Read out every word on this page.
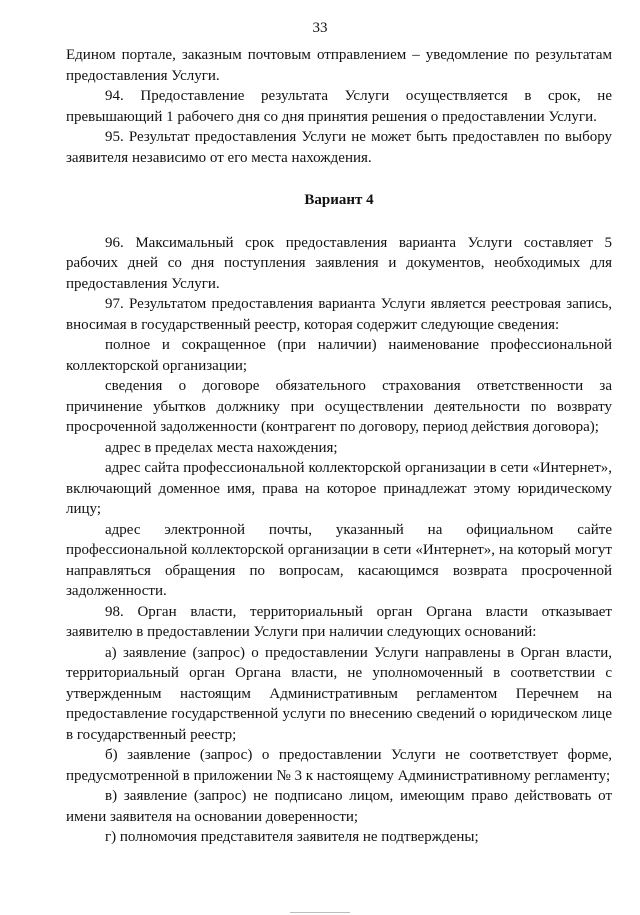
33

Едином портале, заказным почтовым отправлением – уведомление по результатам предоставления Услуги.

94. Предоставление результата Услуги осуществляется в срок, не превышающий 1 рабочего дня со дня принятия решения о предоставлении Услуги.

95. Результат предоставления Услуги не может быть предоставлен по выбору заявителя независимо от его места нахождения.

Вариант 4

96. Максимальный срок предоставления варианта Услуги составляет 5 рабочих дней со дня поступления заявления и документов, необходимых для предоставления Услуги.

97. Результатом предоставления варианта Услуги является реестровая запись, вносимая в государственный реестр, которая содержит следующие сведения:

полное и сокращенное (при наличии) наименование профессиональной коллекторской организации;

сведения о договоре обязательного страхования ответственности за причинение убытков должнику при осуществлении деятельности по возврату просроченной задолженности (контрагент по договору, период действия договора);

адрес в пределах места нахождения;

адрес сайта профессиональной коллекторской организации в сети «Интернет», включающий доменное имя, права на которое принадлежат этому юридическому лицу;

адрес электронной почты, указанный на официальном сайте профессиональной коллекторской организации в сети «Интернет», на который могут направляться обращения по вопросам, касающимся возврата просроченной задолженности.

98. Орган власти, территориальный орган Органа власти отказывает заявителю в предоставлении Услуги при наличии следующих оснований:

а) заявление (запрос) о предоставлении Услуги направлены в Орган власти, территориальный орган Органа власти, не уполномоченный в соответствии с утвержденным настоящим Административным регламентом Перечнем на предоставление государственной услуги по внесению сведений о юридическом лице в государственный реестр;

б) заявление (запрос) о предоставлении Услуги не соответствует форме, предусмотренной в приложении № 3 к настоящему Административному регламенту;

в) заявление (запрос) не подписано лицом, имеющим право действовать от имени заявителя на основании доверенности;

г) полномочия представителя заявителя не подтверждены;
